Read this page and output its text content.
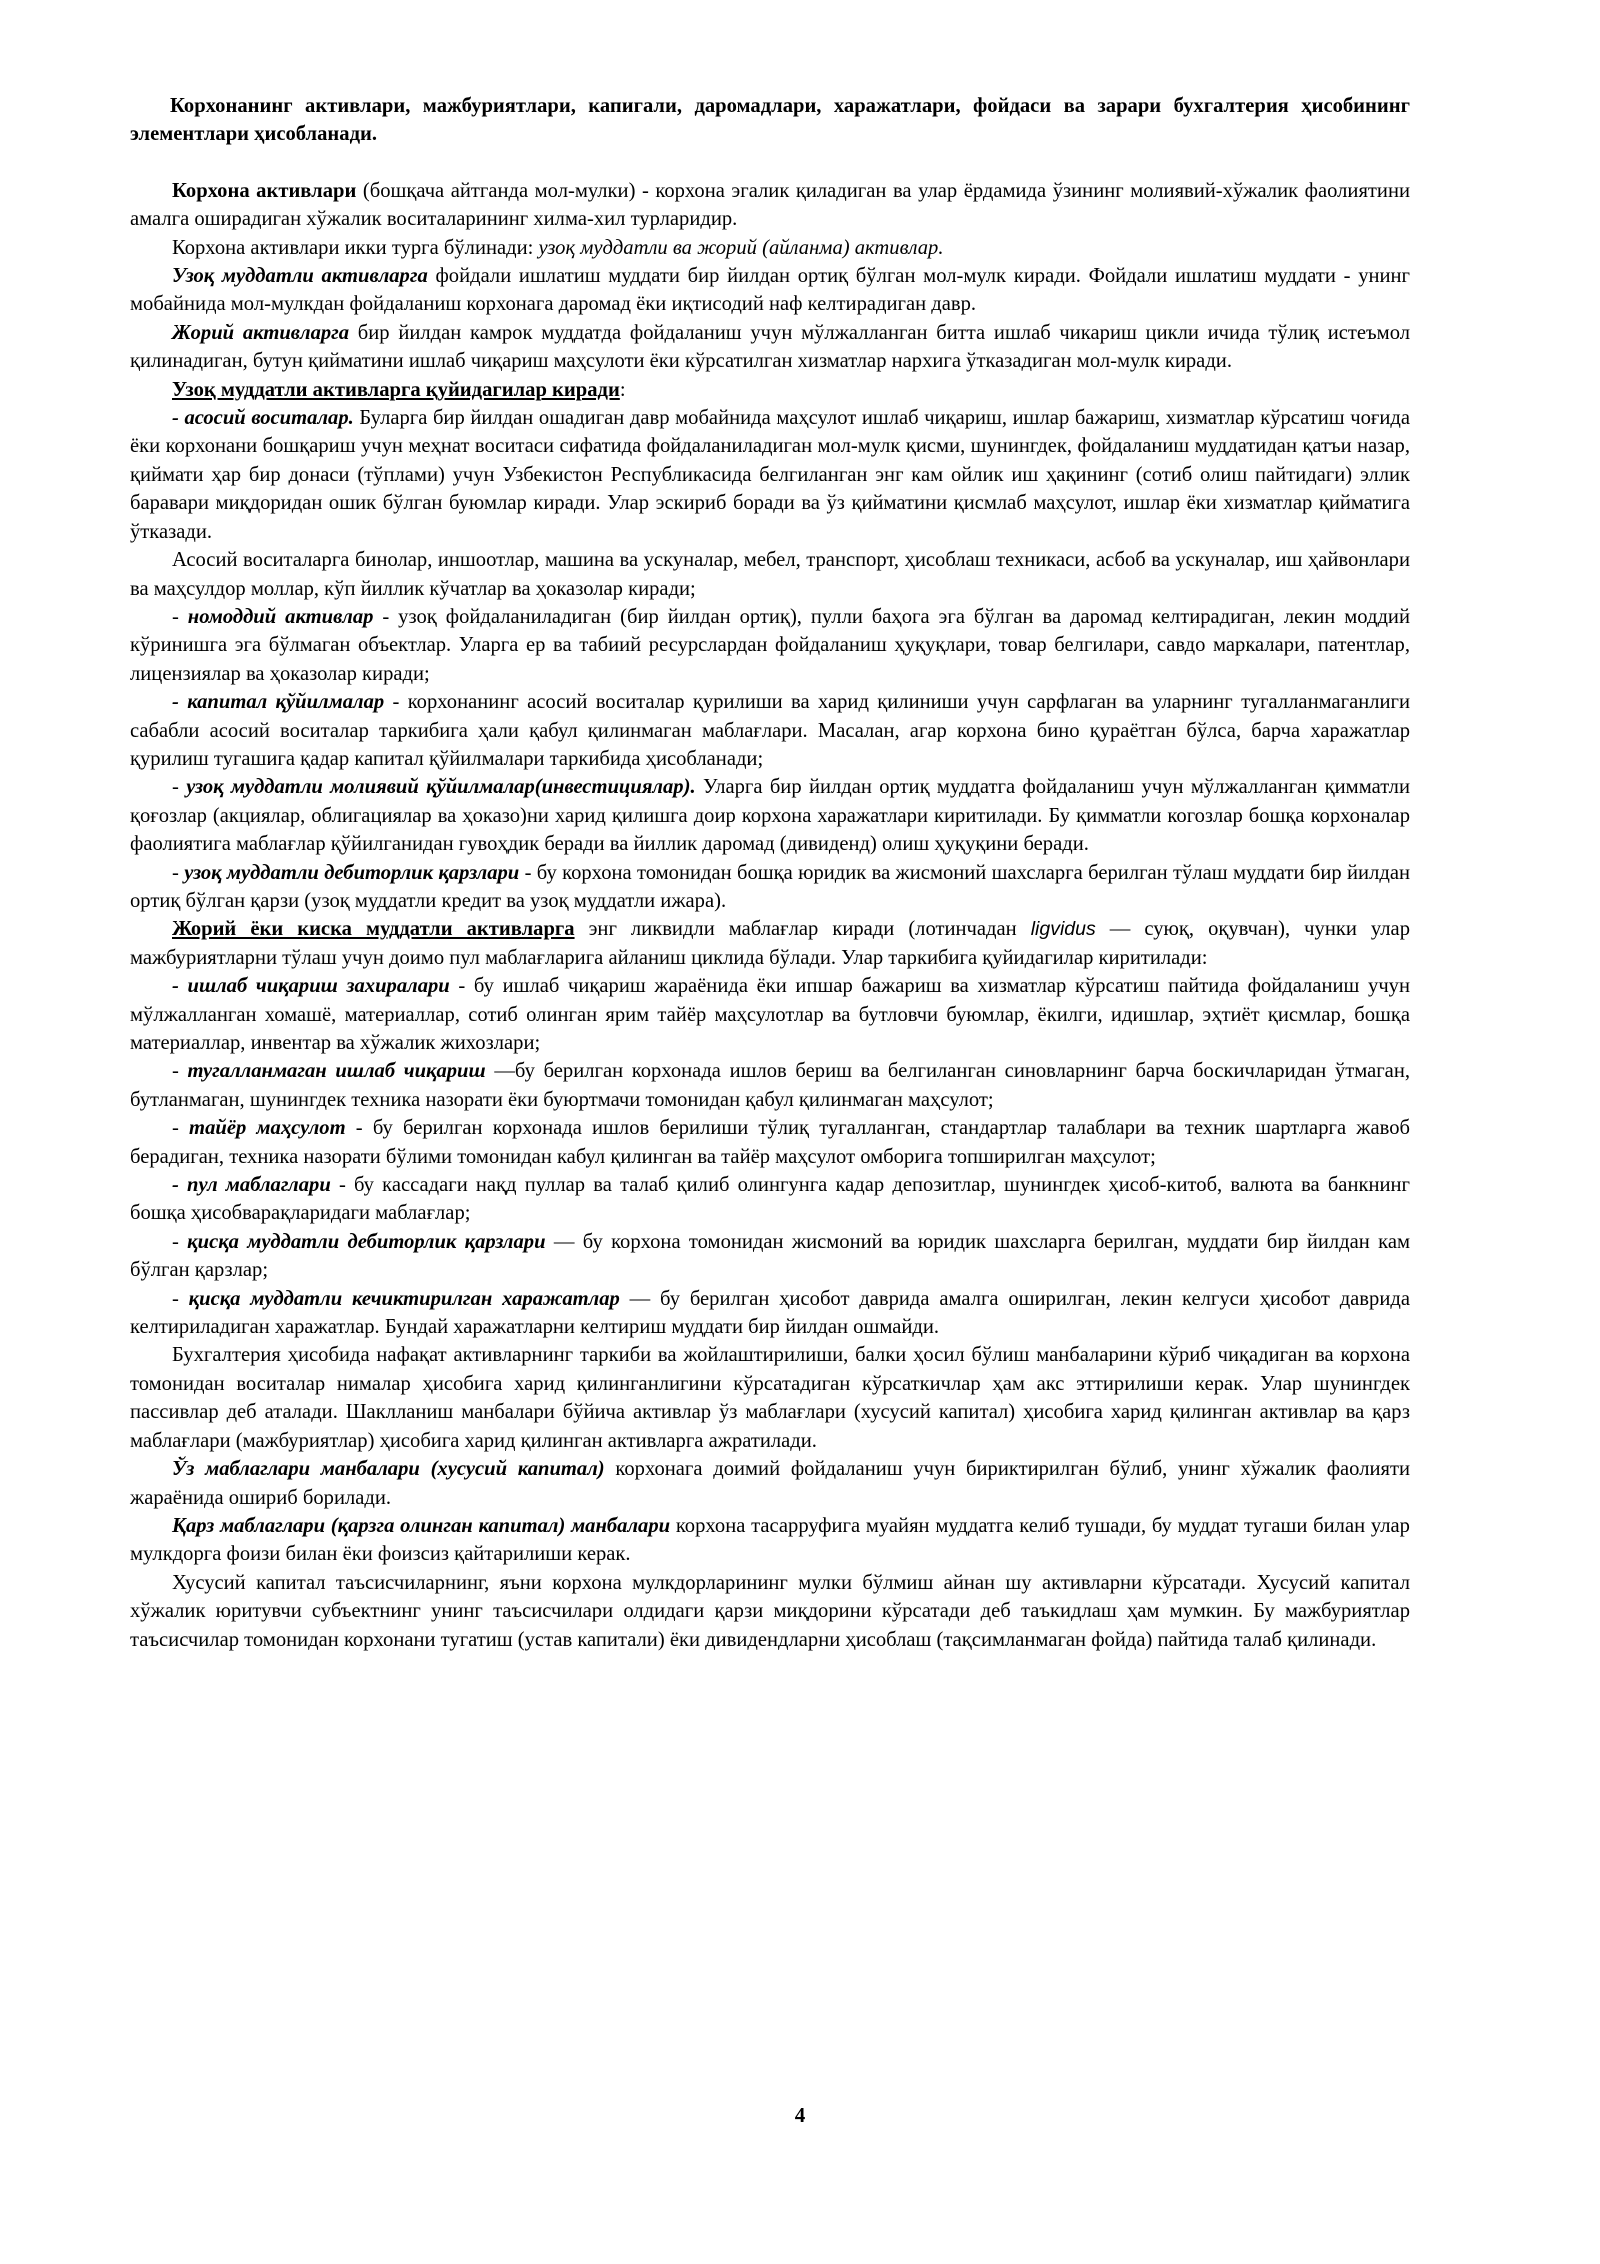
Корхонанинг активлари, мажбуриятлари, капигали, даромадлари, харажатлари, фойдаси ва зарари бухгалтерия ҳисобининг элементлари ҳисобланади.

Корхона активлари (бошқача айтганда мол-мулки) - корхона эгалик қиладиган ва улар ёрдамида ўзининг молиявий-хўжалик фаолиятини амалга оширадиган хўжалик воситаларининг хилма-хил турларидир.

Корхона активлари икки турга бўлинади: узоқ муддатли ва жорий (айланма) активлар.

Узоқ муддатли активларга фойдали ишлатиш муддати бир йилдан ортиқ бўлган мол-мулк киради. Фойдали ишлатиш муддати - унинг мобайнида мол-мулкдан фойдаланиш корхонага даромад ёки иқтисодий наф келтирадиган давр.

Жорий активларга бир йилдан камрок муддатда фойдаланиш учун мўлжалланган битта ишлаб чикариш цикли ичида тўлиқ истеъмол қилинадиган, бутун қийматини ишлаб чиқариш маҳсулоти ёки кўрсатилган хизматлар нархига ўтказадиган мол-мулк киради.

Узоқ муддатли активларга қуйидагилар киради:

- асосий воситалар. Буларга бир йилдан ошадиган давр мобайнида маҳсулот ишлаб чиқариш, ишлар бажариш, хизматлар кўрсатиш чоғида ёки корхонани бошқариш учун меҳнат воситаси сифатида фойдаланиладиган мол-мулк қисми, шунингдек, фойдаланиш муддатидан қатъи назар, қиймати ҳар бир донаси (тўплами) учун Узбекистон Республикасида белгиланган энг кам ойлик иш ҳақининг (сотиб олиш пайтидаги) эллик баравари миқдоридан ошик бўлган буюмлар киради. Улар эскириб боради ва ўз қийматини қисмлаб маҳсулот, ишлар ёки хизматлар қийматига ўтказади.

Асосий воситаларга бинолар, иншоотлар, машина ва ускуналар, мебел, транспорт, ҳисоблаш техникаси, асбоб ва ускуналар, иш ҳайвонлари ва маҳсулдор моллар, кўп йиллик кўчатлар ва ҳоказолар киради;

- номоддий активлар - узоқ фойдаланиладиган (бир йилдан ортиқ), пулли баҳога эга бўлган ва даромад келтирадиган, лекин моддий кўринишга эга бўлмаган объектлар. Уларга ер ва табиий ресурслардан фойдаланиш ҳуқуқлари, товар белгилари, савдо маркалари, патентлар, лицензиялар ва ҳоказолар киради;

- капитал қўйилмалар - корхонанинг асосий воситалар қурилиши ва харид қилиниши учун сарфлаган ва уларнинг тугалланмаганлиги сабабли асосий воситалар таркибига ҳали қабул қилинмаган маблағлари. Масалан, агар корхона бино қураётган бўлса, барча харажатлар қурилиш тугашига қадар капитал қўйилмалари таркибида ҳисобланади;

- узоқ муддатли молиявий қўйилмалар(инвестициялар). Уларга бир йилдан ортиқ муддатга фойдаланиш учун мўлжалланган қимматли қоғозлар (акциялар, облигациялар ва ҳоказо)ни харид қилишга доир корхона харажатлари киритилади. Бу қимматли когозлар бошқа корхоналар фаолиятига маблағлар қўйилганидан гувоҳдик беради ва йиллик даромад (дивиденд) олиш ҳуқуқини беради.

- узоқ муддатли дебиторлик қарзлари - бу корхона томонидан бошқа юридик ва жисмоний шахсларга берилган тўлаш муддати бир йилдан ортиқ бўлган қарзи (узоқ муддатли кредит ва узоқ муддатли ижара).

Жорий ёки киска муддатли активларга энг ликвидли маблағлар киради (лотинчадан ligvidus — суюқ, оқувчан), чунки улар мажбуриятларни тўлаш учун доимо пул маблағларига айланиш циклида бўлади. Улар таркибига қуйидагилар киритилади:

- ишлаб чиқариш захиралари - бу ишлаб чиқариш жараёнида ёки ипшар бажариш ва хизматлар кўрсатиш пайтида фойдаланиш учун мўлжалланган хомашё, материаллар, сотиб олинган ярим тайёр маҳсулотлар ва бутловчи буюмлар, ёкилги, идишлар, эҳтиёт қисмлар, бошқа материаллар, инвентар ва хўжалик жихозлари;

- тугалланмаган ишлаб чиқариш —бу берилган корхонада ишлов бериш ва белгиланган синовларнинг барча боскичларидан ўтмаган, бутланмаган, шунингдек техника назорати ёки буюртмачи томонидан қабул қилинмаган маҳсулот;

- тайёр маҳсулот - бу берилган корхонада ишлов берилиши тўлиқ тугалланган, стандартлар талаблари ва техник шартларга жавоб берадиган, техника назорати бўлими томонидан кабул қилинган ва тайёр маҳсулот омборига топширилган маҳсулот;

- пул маблаглари - бу кассадаги нақд пуллар ва талаб қилиб олингунга кадар депозитлар, шунингдек ҳисоб-китоб, валюта ва банкнинг бошқа ҳисобварақларидаги маблағлар;

- қисқа муддатли дебиторлик қарзлари — бу корхона томонидан жисмоний ва юридик шахсларга берилган, муддати бир йилдан кам бўлган қарзлар;

- қисқа муддатли кечиктирилган харажатлар — бу берилган ҳисобот даврида амалга оширилган, лекин келгуси ҳисобот даврида келтириладиган харажатлар. Бундай харажатларни келтириш муддати бир йилдан ошмайди.

Бухгалтерия ҳисобида нафақат активларнинг таркиби ва жойлаштирилиши, балки ҳосил бўлиш манбаларини кўриб чиқадиган ва корхона томонидан воситалар нималар ҳисобига харид қилинганлигини кўрсатадиган кўрсаткичлар ҳам акс эттирилиши керак. Улар шунингдек пассивлар деб аталади. Шаклланиш манбалари бўйича активлар ўз маблағлари (хусусий капитал) ҳисобига харид қилинган активлар ва қарз маблағлари (мажбуриятлар) ҳисобига харид қилинган активларга ажратилади.

Ўз маблаглари манбалари (хусусий капитал) корхонага доимий фойдаланиш учун бириктирилган бўлиб, унинг хўжалик фаолияти жараёнида ошириб борилади.

Қарз маблаглари (қарзга олинган капитал) манбалари корхона тасарруфига муайян муддатга келиб тушади, бу муддат тугаши билан улар мулкдорга фоизи билан ёки фоизсиз қайтарилиши керак.

Хусусий капитал таъсисчиларнинг, яъни корхона мулкдорларининг мулки бўлмиш айнан шу активларни кўрсатади. Хусусий капитал хўжалик юритувчи субъектнинг унинг таъсисчилари олдидаги қарзи миқдорини кўрсатади деб таъкидлаш ҳам мумкин. Бу мажбуриятлар таъсисчилар томонидан корхонани тугатиш (устав капитали) ёки дивидендларни ҳисоблаш (тақсимланмаган фойда) пайтида талаб қилинади.

4
